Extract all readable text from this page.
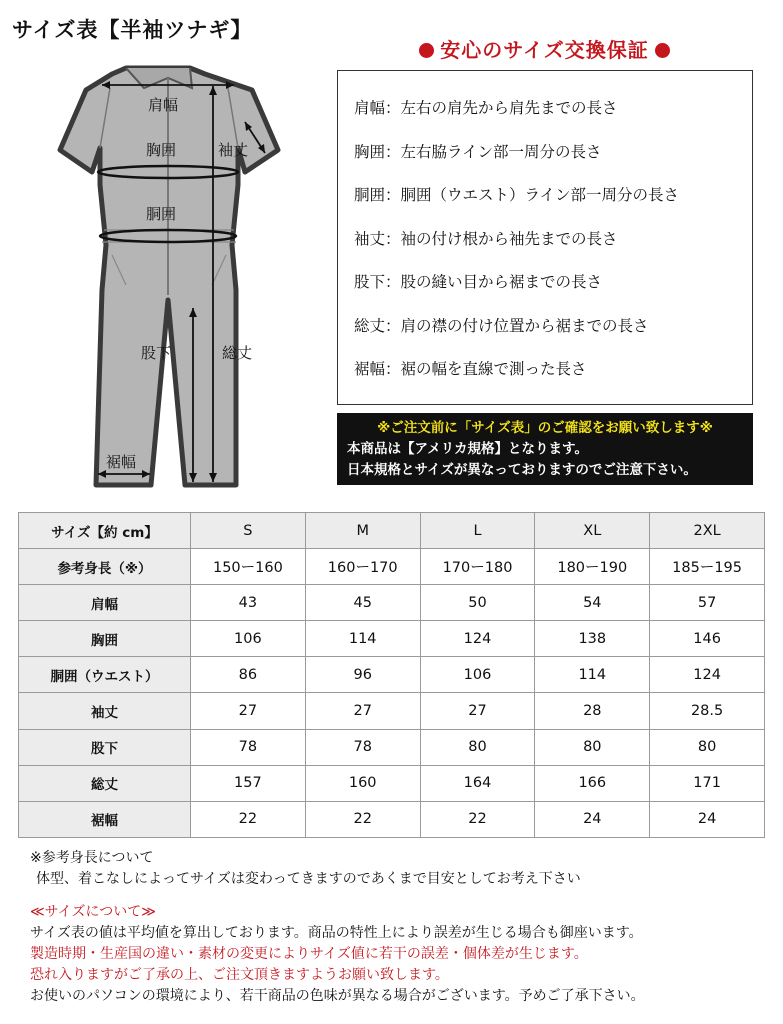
サイズ表【半袖ツナギ】
肩幅
胸囲	袖丈
胴囲
股下	総丈
裾幅
安心のサイズ交換保証
肩幅：左右の肩先から肩先までの長さ
胸囲：左右脇ライン部一周分の長さ
胴囲：胴囲（ウエスト）ライン部一周分の長さ
袖丈：袖の付け根から袖先までの長さ
股下：股の縫い目から裾までの長さ
総丈：肩の襟の付け位置から裾までの長さ
裾幅：裾の幅を直線で測った長さ
※ご注文前に「サイズ表」のご確認をお願い致します※
本商品は【アメリカ規格】となります。
日本規格とサイズが異なっておりますのでご注意下さい。
サイズ【約 cm】	S	M	L	XL	2XL
参考身長（※）	150ー160	160ー170	170ー180	180ー190	185ー195
肩幅	43	45	50	54	57
胸囲	106	114	124	138	146
胴囲（ウエスト）	86	96	106	114	124
袖丈	27	27	27	28	28.5
股下	78	78	80	80	80
総丈	157	160	164	166	171
裾幅	22	22	22	24	24
※参考身長について
体型、着こなしによってサイズは変わってきますのであくまで目安としてお考え下さい
≪サイズについて≫
サイズ表の値は平均値を算出しております。商品の特性上により誤差が生じる場合も御座います。
製造時期・生産国の違い・素材の変更によりサイズ値に若干の誤差・個体差が生じます。
恐れ入りますがご了承の上、ご注文頂きますようお願い致します。
お使いのパソコンの環境により、若干商品の色味が異なる場合がございます。予めご了承下さい。
